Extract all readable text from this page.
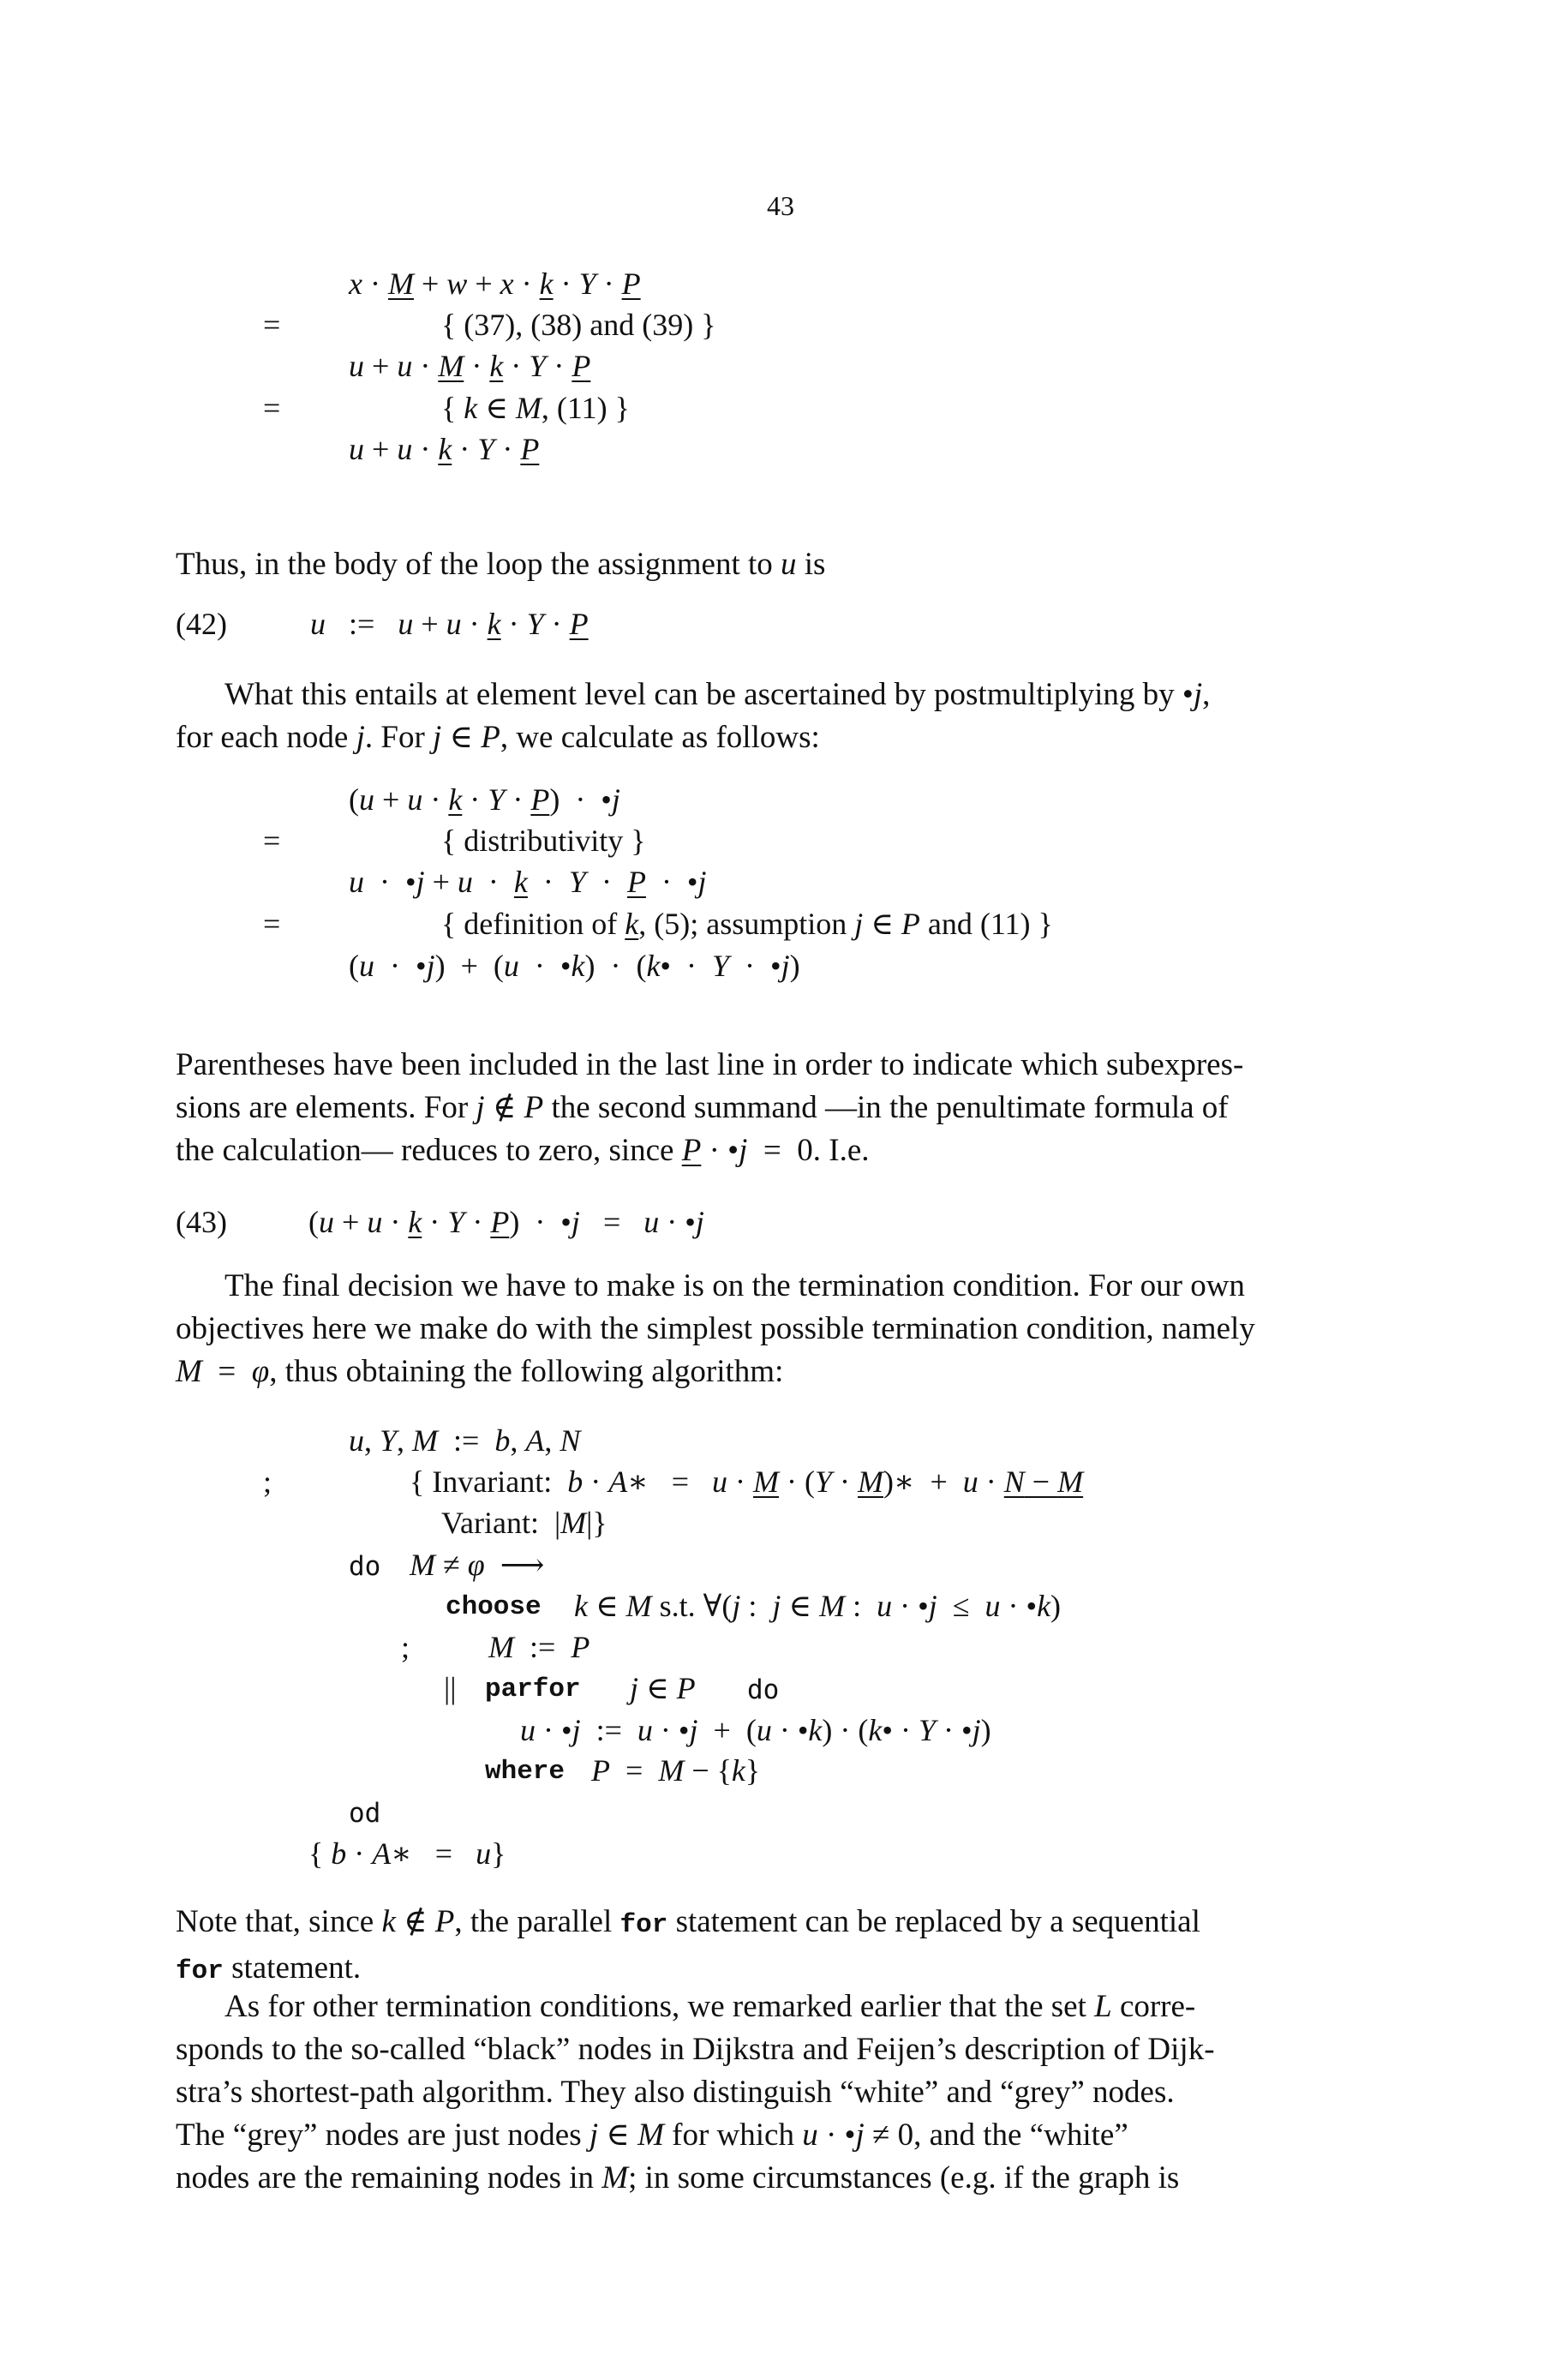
43
x · M + w + x · k · Y · P
=	{ (37), (38) and (39) }
u + u · M · k · Y · P
=	{ k ∈ M, (11) }
u + u · k · Y · P
Thus, in the body of the loop the assignment to u is
(42)	u   :=   u + u · k · Y · P
What this entails at element level can be ascertained by postmultiplying by •j,
for each node j. For j ∈ P, we calculate as follows:
(u + u · k · Y · P)  ·  •j
=	{ distributivity }
u  ·  •j + u  ·  k  ·  Y  ·  P  ·  •j
=	{ definition of k, (5); assumption j ∈ P and (11) }
(u  ·  •j)  +  (u  ·  •k)  ·  (k•  ·  Y  ·  •j)
Parentheses have been included in the last line in order to indicate which subexpres-
sions are elements. For j ∉ P the second summand —in the penultimate formula of
the calculation— reduces to zero, since P · •j  =  0. I.e.
(43)	(u + u · k · Y · P)  ·  •j   =   u · •j
The final decision we have to make is on the termination condition. For our own
objectives here we make do with the simplest possible termination condition, namely
M  =  φ, thus obtaining the following algorithm:
u, Y, M  :=  b, A, N
;	{ Invariant:  b · A∗   =   u · M · (Y · M)∗  +  u · N − M
Variant:  |M|}
do M ≠ φ  ⟶
choose k ∈ M s.t. ∀(j :  j ∈ M :  u · •j  ≤  u · •k)
;	M  :=  P
|| parfor j ∈ P do
u · •j  :=  u · •j  +  (u · •k) · (k• · Y · •j)
where P  =  M − {k}
od
{ b · A∗   =   u}
Note that, since k ∉ P, the parallel for statement can be replaced by a sequential
for statement.
As for other termination conditions, we remarked earlier that the set L corre-
sponds to the so-called “black” nodes in Dijkstra and Feijen’s description of Dijk-
stra’s shortest-path algorithm. They also distinguish “white” and “grey” nodes.
The “grey” nodes are just nodes j ∈ M for which u · •j ≠ 0, and the “white”
nodes are the remaining nodes in M; in some circumstances (e.g. if the graph is
